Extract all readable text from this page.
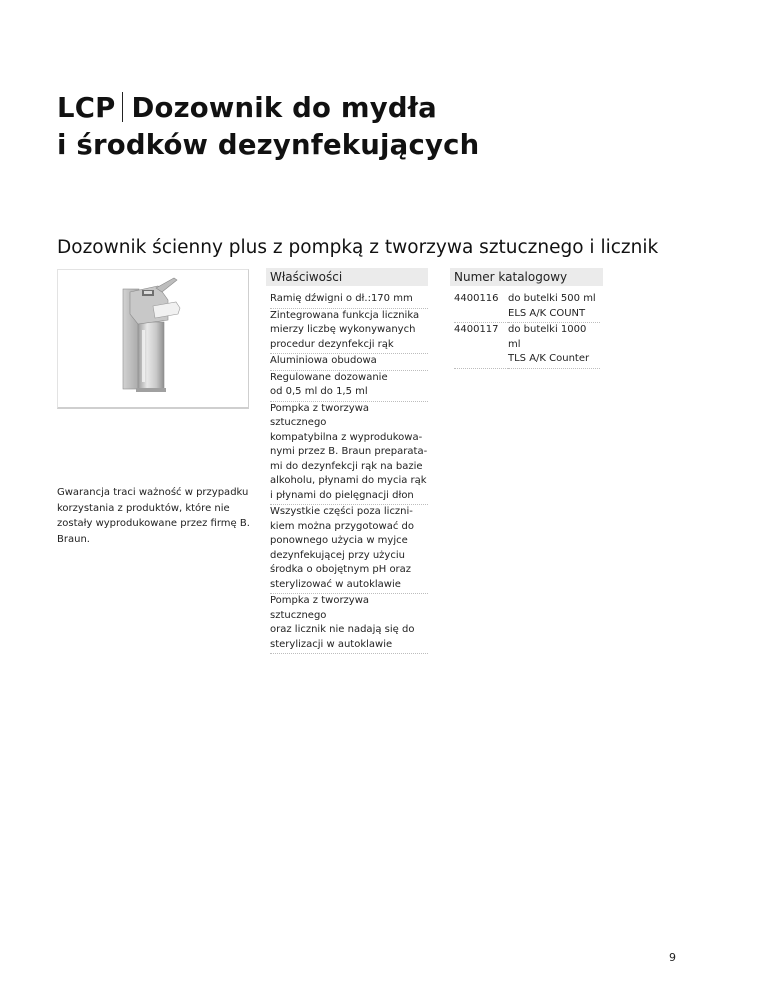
LCP Dozownik do mydła
i środków dezynfekujących
Dozownik ścienny plus z pompką z tworzywa sztucznego i licznik

Gwarancja traci ważność w przypadku korzystania z produktów, które nie zostały wyprodukowane przez firmę B. Braun.

Właściwości
Ramię dźwigni o dł.:170 mm
Zintegrowana funkcja licznika
mierzy liczbę wykonywanych
procedur dezynfekcji rąk
Aluminiowa obudowa
Regulowane dozowanie
od 0,5 ml do 1,5 ml
Pompka z tworzywa sztucznego
kompatybilna z wyprodukowa-
nymi przez B. Braun preparata-
mi do dezynfekcji rąk na bazie
alkoholu, płynami do mycia rąk
i płynami do pielęgnacji dłon
Wszystkie części poza liczni-
kiem można przygotować do
ponownego użycia w myjce
dezynfekującej przy użyciu
środka o obojętnym pH oraz
sterylizować w autoklawie
Pompka z tworzywa sztucznego
oraz licznik nie nadają się do
sterylizacji w autoklawie
Numer katalogowy
4400116	do butelki 500 ml
ELS A/K COUNT
4400117	do butelki 1000 ml
TLS A/K Counter
9
